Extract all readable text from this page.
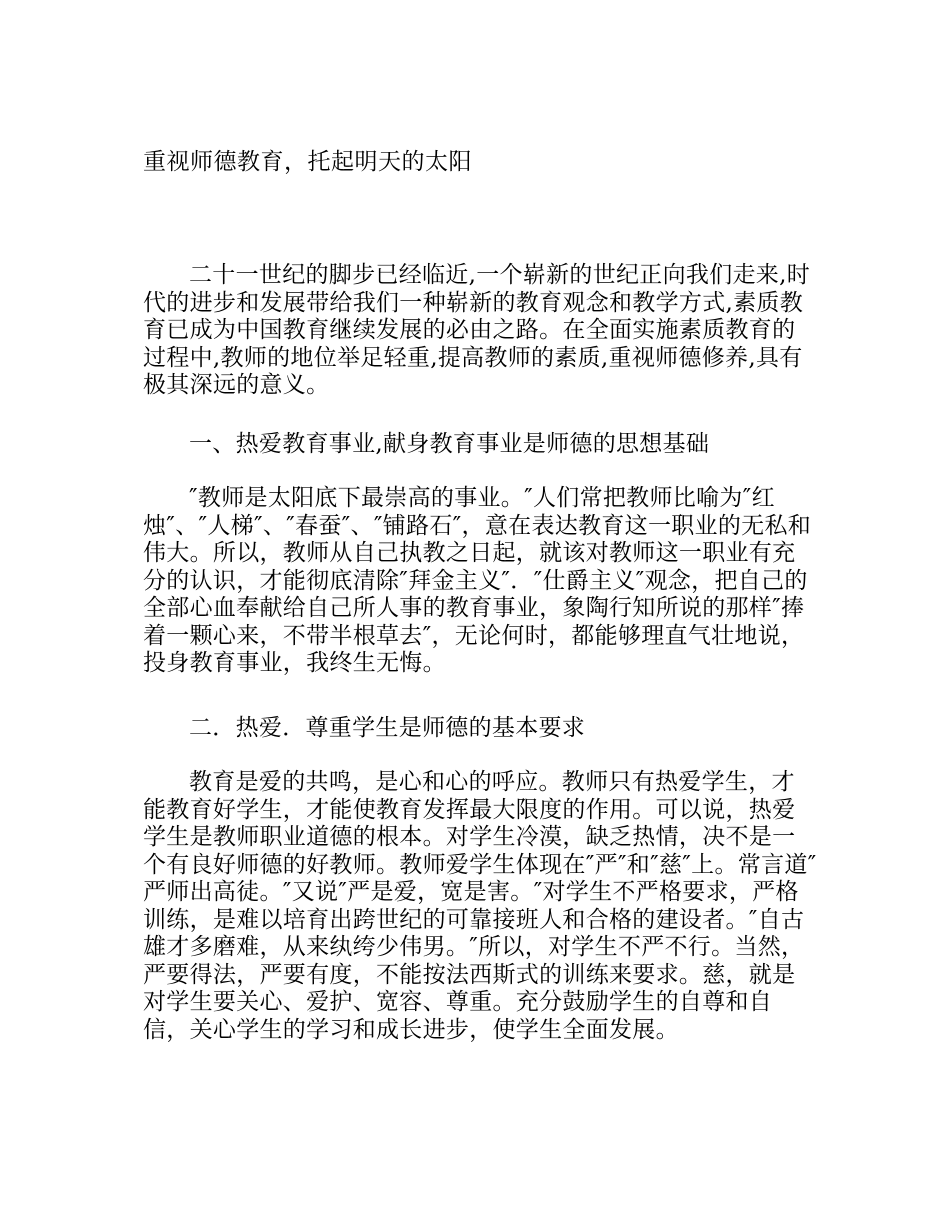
重视师德教育，托起明天的太阳

二十一世纪的脚步已经临近,一个崭新的世纪正向我们走来,时代的进步和发展带给我们一种崭新的教育观念和教学方式,素质教育已成为中国教育继续发展的必由之路。在全面实施素质教育的过程中,教师的地位举足轻重,提高教师的素质,重视师德修养,具有极其深远的意义。

一、热爱教育事业,献身教育事业是师德的思想基础

″教师是太阳底下最崇高的事业。″人们常把教师比喻为″红烛″、″人梯″、″春蚕″、″铺路石″，意在表达教育这一职业的无私和伟大。所以，教师从自己执教之日起，就该对教师这一职业有充分的认识，才能彻底清除″拜金主义″．″仕爵主义″观念，把自己的全部心血奉献给自己所人事的教育事业，象陶行知所说的那样″捧着一颗心来，不带半根草去″，无论何时，都能够理直气壮地说，投身教育事业，我终生无悔。

二．热爱．尊重学生是师德的基本要求

教育是爱的共鸣，是心和心的呼应。教师只有热爱学生，才能教育好学生，才能使教育发挥最大限度的作用。可以说，热爱学生是教师职业道德的根本。对学生冷漠，缺乏热情，决不是一个有良好师德的好教师。教师爱学生体现在″严″和″慈″上。常言道″严师出高徒。″又说″严是爱，宽是害。″对学生不严格要求，严格训练，是难以培育出跨世纪的可靠接班人和合格的建设者。″自古雄才多磨难，从来纨绔少伟男。″所以，对学生不严不行。当然，严要得法，严要有度，不能按法西斯式的训练来要求。慈，就是对学生要关心、爱护、宽容、尊重。充分鼓励学生的自尊和自信，关心学生的学习和成长进步，使学生全面发展。
